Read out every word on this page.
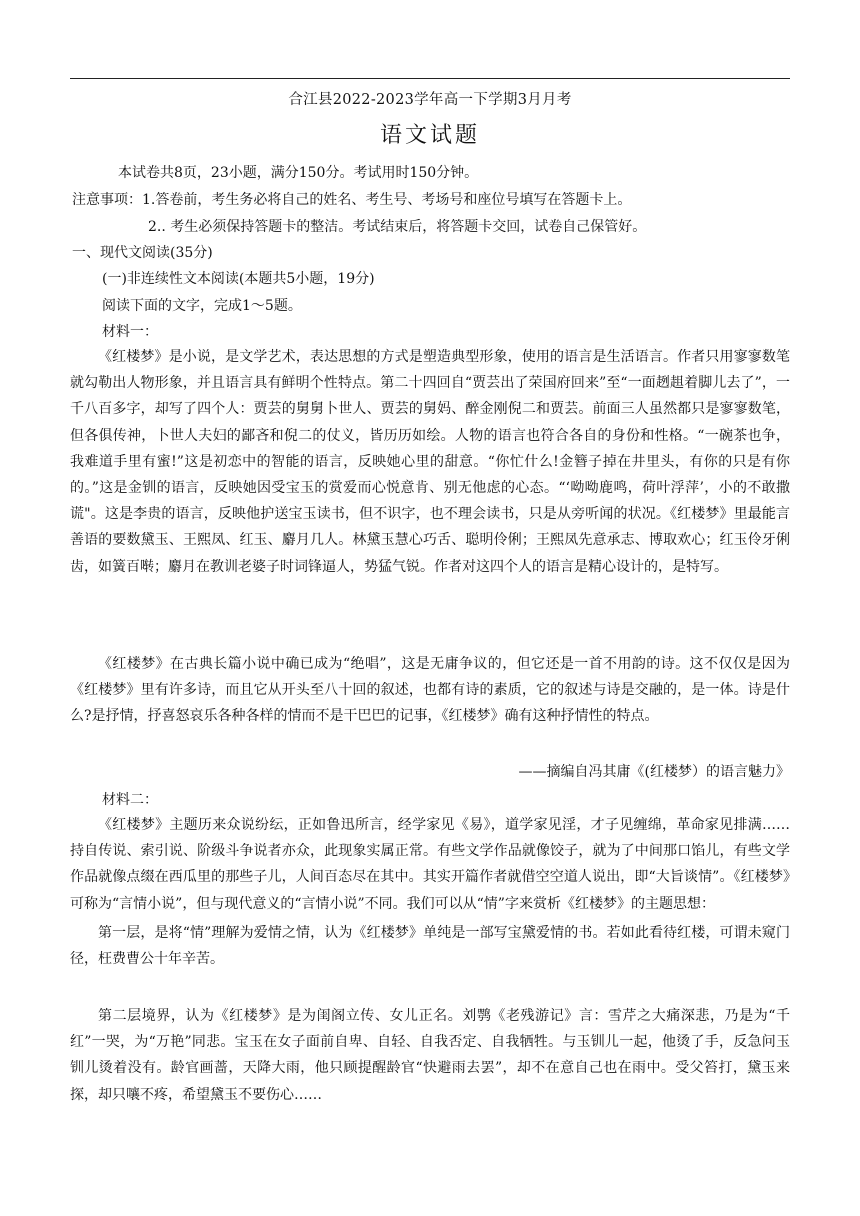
合江县2022-2023学年高一下学期3月月考
语文试题
本试卷共8页，23小题，满分150分。考试用时150分钟。
注意事项：1.答卷前，考生务必将自己的姓名、考生号、考场号和座位号填写在答题卡上。
2.. 考生必须保持答题卡的整洁。考试结束后，将答题卡交回，试卷自己保管好。
一、现代文阅读(35分)
(一)非连续性文本阅读(本题共5小题，19分)
阅读下面的文字，完成1～5题。
材料一：

《红楼梦》是小说，是文学艺术，表达思想的方式是塑造典型形象，使用的语言是生活语言。作者只用寥寥数笔就勾勒出人物形象，并且语言具有鲜明个性特点。第二十四回自“贾芸出了荣国府回来”至“一面趔趄着脚儿去了”，一千八百多字，却写了四个人：贾芸的舅舅卜世人、贾芸的舅妈、醉金刚倪二和贾芸。前面三人虽然都只是寥寥数笔，但各俱传神，卜世人夫妇的鄙吝和倪二的仗义，皆历历如绘。人物的语言也符合各自的身份和性格。“一碗茶也争，我难道手里有蜜!”这是初恋中的智能的语言，反映她心里的甜意。“你忙什么!金簪子掉在井里头，有你的只是有你的。”这是金钏的语言，反映她因受宝玉的赏爱而心悦意肯、别无他虑的心态。“‘呦呦鹿鸣，荷叶浮萍’，小的不敢撒谎"。这是李贵的语言，反映他护送宝玉读书，但不识字，也不理会读书，只是从旁听闻的状况。《红楼梦》里最能言善语的要数黛玉、王熙凤、红玉、麝月几人。林黛玉慧心巧舌、聪明伶俐；王熙凤先意承志、博取欢心；红玉伶牙俐齿，如簧百啭；麝月在教训老婆子时词锋逼人，势猛气锐。作者对这四个人的语言是精心设计的，是特写。

《红楼梦》在古典长篇小说中确已成为“绝唱”，这是无庸争议的，但它还是一首不用韵的诗。这不仅仅是因为《红楼梦》里有许多诗，而且它从开头至八十回的叙述，也都有诗的素质，它的叙述与诗是交融的，是一体。诗是什么?是抒情，抒喜怒哀乐各种各样的情而不是干巴巴的记事，《红楼梦》确有这种抒情性的特点。

——摘编自冯其庸《(红楼梦）的语言魅力》
材料二：

《红楼梦》主题历来众说纷纭，正如鲁迅所言，经学家见《易》，道学家见淫，才子见缠绵，革命家见排满……持自传说、索引说、阶级斗争说者亦众，此现象实属正常。有些文学作品就像饺子，就为了中间那口馅儿，有些文学作品就像点缀在西瓜里的那些子儿，人间百态尽在其中。其实开篇作者就借空空道人说出，即“大旨谈情”。《红楼梦》可称为“言情小说”，但与现代意义的“言情小说”不同。我们可以从“情”字来赏析《红楼梦》的主题思想：

第一层，是将“情”理解为爱情之情，认为《红楼梦》单纯是一部写宝黛爱情的书。若如此看待红楼，可谓未窥门径，枉费曹公十年辛苦。

第二层境界，认为《红楼梦》是为闺阁立传、女儿正名。刘鹗《老残游记》言：雪芹之大痛深悲，乃是为“千红”一哭，为“万艳”同悲。宝玉在女子面前自卑、自轻、自我否定、自我牺牲。与玉钏儿一起，他烫了手，反急问玉钏儿烫着没有。龄官画蔷，天降大雨，他只顾提醒龄官“快避雨去罢”，却不在意自己也在雨中。受父笞打，黛玉来探，却只嚷不疼，希望黛玉不要伤心……
